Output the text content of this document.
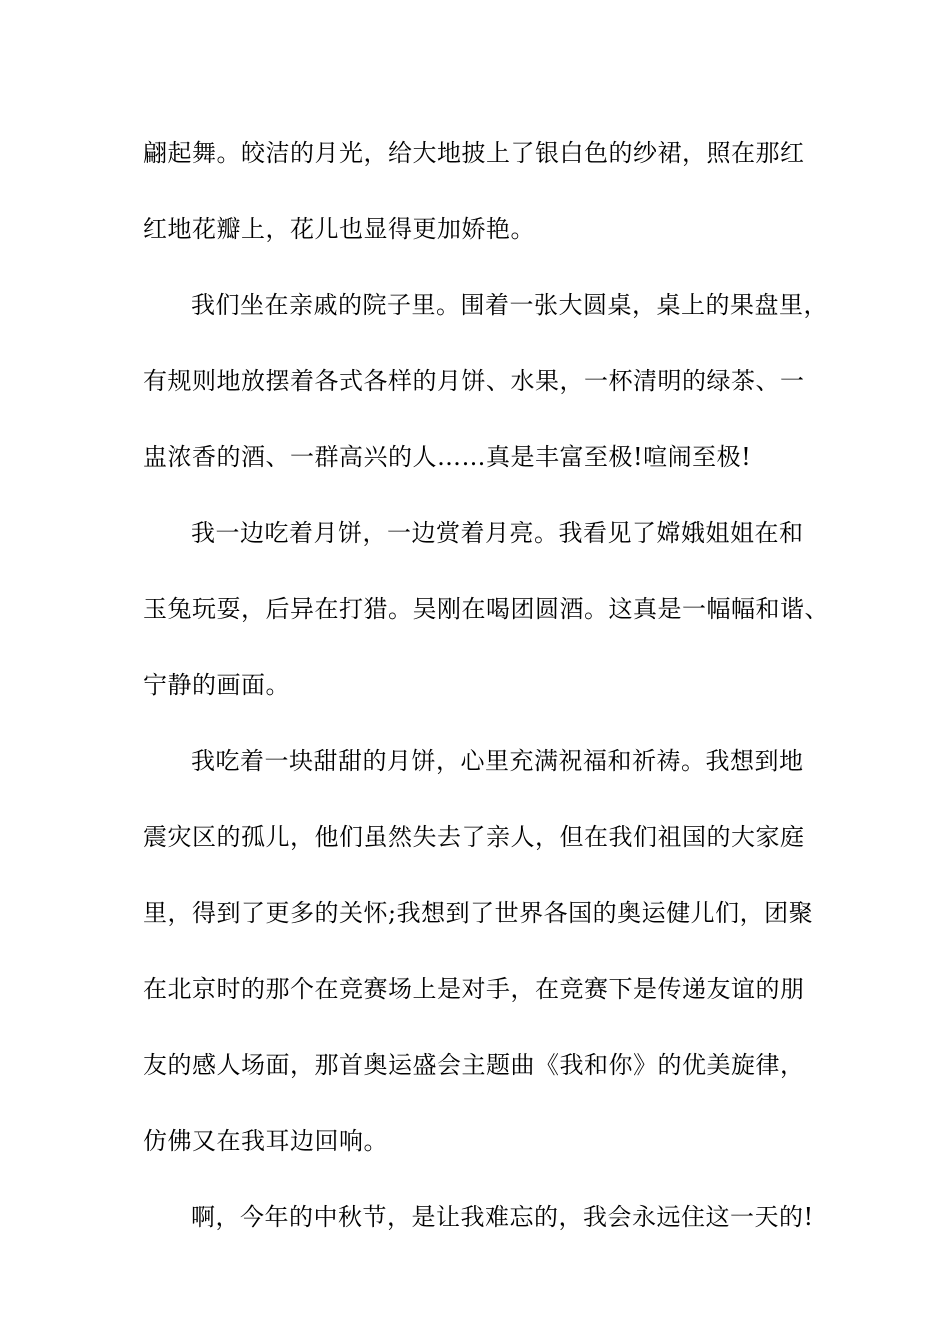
翩起舞。皎洁的月光，给大地披上了银白色的纱裙，照在那红
红地花瓣上，花儿也显得更加娇艳。
我们坐在亲戚的院子里。围着一张大圆桌，桌上的果盘里，
有规则地放摆着各式各样的月饼、水果，一杯清明的绿茶、一
盅浓香的酒、一群高兴的人……真是丰富至极!喧闹至极!
我一边吃着月饼，一边赏着月亮。我看见了嫦娥姐姐在和
玉兔玩耍，后异在打猎。吴刚在喝团圆酒。这真是一幅幅和谐、
宁静的画面。
我吃着一块甜甜的月饼，心里充满祝福和祈祷。我想到地
震灾区的孤儿，他们虽然失去了亲人，但在我们祖国的大家庭
里，得到了更多的关怀;我想到了世界各国的奥运健儿们，团聚
在北京时的那个在竞赛场上是对手，在竞赛下是传递友谊的朋
友的感人场面，那首奥运盛会主题曲《我和你》的优美旋律，
仿佛又在我耳边回响。
啊，今年的中秋节，是让我难忘的，我会永远住这一天的!
